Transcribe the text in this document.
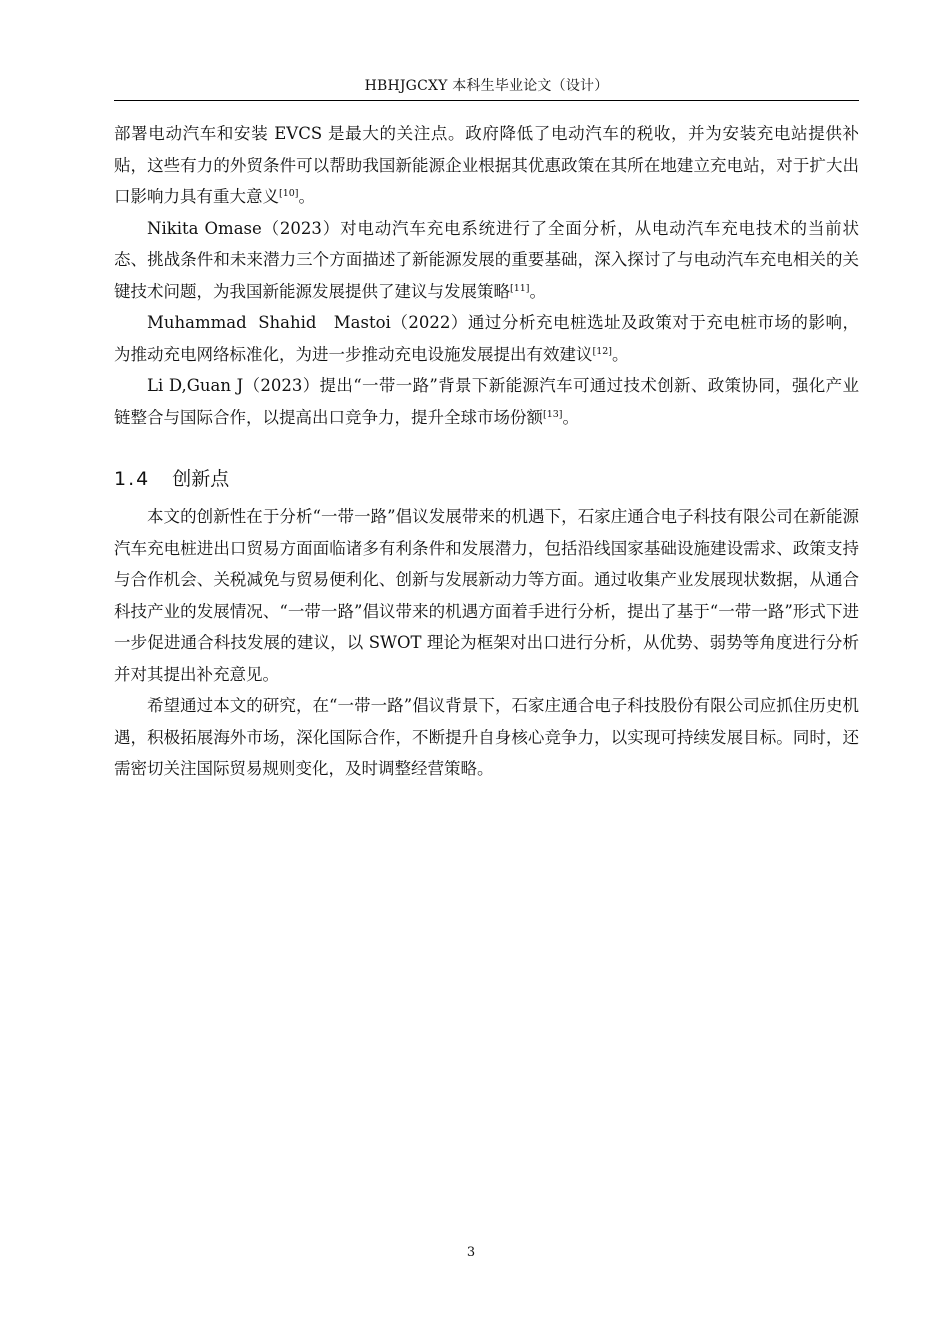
HBHJGCXY 本科生毕业论文（设计）

部署电动汽车和安装 EVCS 是最大的关注点。政府降低了电动汽车的税收，并为安装充电站提供补贴，这些有力的外贸条件可以帮助我国新能源企业根据其优惠政策在其所在地建立充电站，对于扩大出口影响力具有重大意义[10]。

Nikita Omase（2023）对电动汽车充电系统进行了全面分析，从电动汽车充电技术的当前状态、挑战条件和未来潜力三个方面描述了新能源发展的重要基础，深入探讨了与电动汽车充电相关的关键技术问题，为我国新能源发展提供了建议与发展策略[11]。

Muhammad  Shahid   Mastoi（2022）通过分析充电桩选址及政策对于充电桩市场的影响，为推动充电网络标准化，为进一步推动充电设施发展提出有效建议[12]。

Li D,Guan J（2023）提出“一带一路”背景下新能源汽车可通过技术创新、政策协同，强化产业链整合与国际合作，以提高出口竞争力，提升全球市场份额[13]。

1.4 创新点

本文的创新性在于分析“一带一路”倡议发展带来的机遇下，石家庄通合电子科技有限公司在新能源汽车充电桩进出口贸易方面面临诸多有利条件和发展潜力，包括沿线国家基础设施建设需求、政策支持与合作机会、关税减免与贸易便利化、创新与发展新动力等方面。通过收集产业发展现状数据，从通合科技产业的发展情况、“一带一路”倡议带来的机遇方面着手进行分析，提出了基于“一带一路”形式下进一步促进通合科技发展的建议，以 SWOT 理论为框架对出口进行分析，从优势、弱势等角度进行分析并对其提出补充意见。

希望通过本文的研究，在“一带一路”倡议背景下，石家庄通合电子科技股份有限公司应抓住历史机遇，积极拓展海外市场，深化国际合作，不断提升自身核心竞争力，以实现可持续发展目标。同时，还需密切关注国际贸易规则变化，及时调整经营策略。

3
